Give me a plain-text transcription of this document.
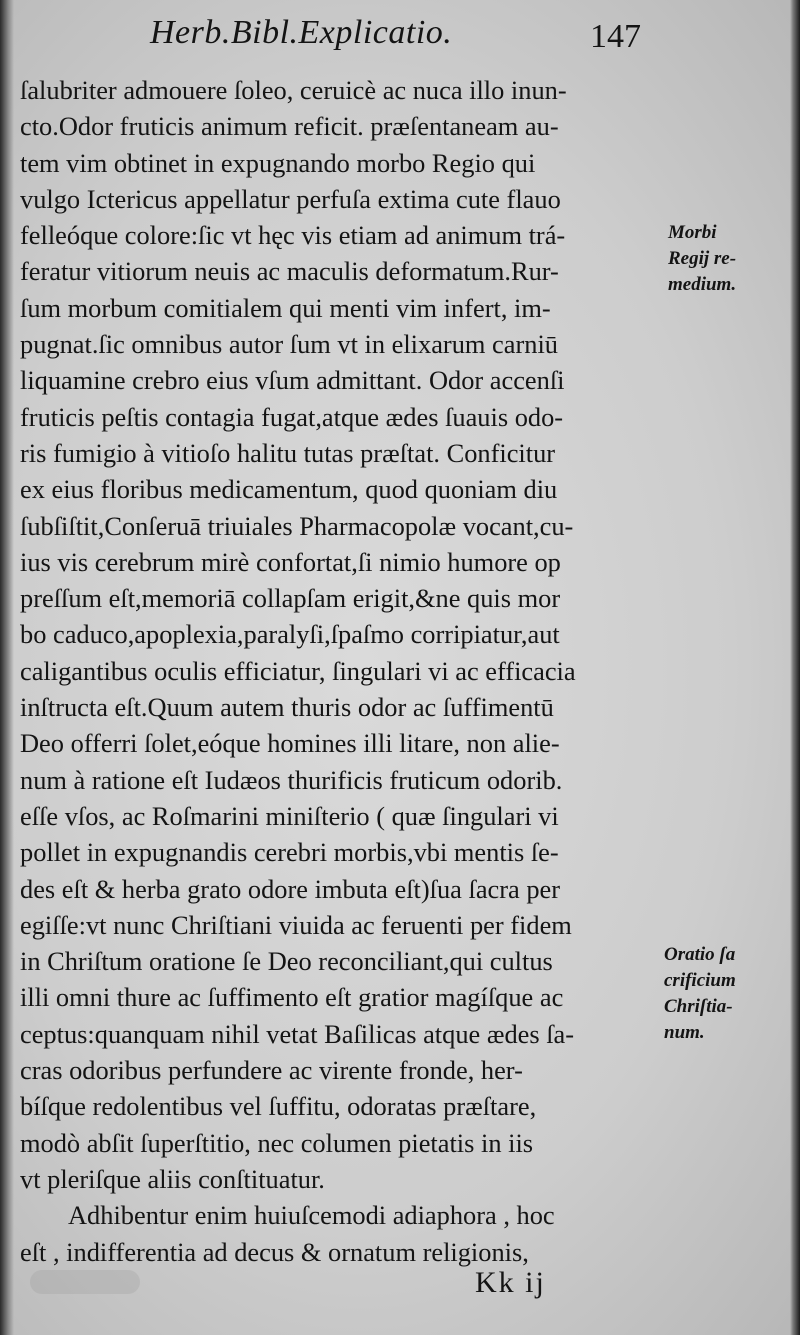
Herb.Bibl.Explicatio.	147
ſalubriter admouere ſoleo, ceruicè ac nuca illo inun-
cto.Odor fruticis animum reficit. præſentaneam au-
tem vim obtinet in expugnando morbo Regio qui
vulgo Ictericus appellatur perfuſa extima cute flauo
felleóque colore:ſic vt hęc vis etiam ad animum trá-
feratur vitiorum neuis ac maculis deformatum.Rur-
ſum morbum comitialem qui menti vim infert, im-
pugnat.ſic omnibus autor ſum vt in elixarum carniū
liquamine crebro eius vſum admittant. Odor accenſi
fruticis peſtis contagia fugat,atque ædes ſuauis odo-
ris fumigio à vitioſo halitu tutas præſtat. Conficitur
ex eius floribus medicamentum, quod quoniam diu
ſubſiſtit,Conſeruā triuiales Pharmacopolæ vocant,cu-
ius vis cerebrum mirè confortat,ſi nimio humore op
preſſum eſt,memoriā collapſam erigit,&ne quis mor
bo caduco,apoplexia,paralyſi,ſpaſmo corripiatur,aut
caligantibus oculis efficiatur, ſingulari vi ac efficacia
inſtructa eſt.Quum autem thuris odor ac ſuffimentū
Deo offerri ſolet,eóque homines illi litare, non alie-
num à ratione eſt Iudæos thurificis fruticum odorib.
eſſe vſos, ac Roſmarini miniſterio ( quæ ſingulari vi
pollet in expugnandis cerebri morbis,vbi mentis ſe-
des eſt & herba grato odore imbuta eſt)ſua ſacra per
egiſſe:vt nunc Chriſtiani viuida ac feruenti per fidem
in Chriſtum oratione ſe Deo reconciliant,qui cultus
illi omni thure ac ſuffimento eſt gratior magíſque ac
ceptus:quanquam nihil vetat Baſilicas atque ædes ſa-
cras odoribus perfundere ac virente fronde, her-
bíſque redolentibus vel ſuffitu, odoratas præſtare,
modò abſit ſuperſtitio, nec columen pietatis in iis
vt pleriſque aliis conſtituatur.
Adhibentur enim huiuſcemodi adiaphora , hoc
eſt , indifferentia ad decus & ornatum religionis,
Morbi
Regij re-
medium.
Oratio ſa
crificium
Chriſtia-
num.
Kk ij
